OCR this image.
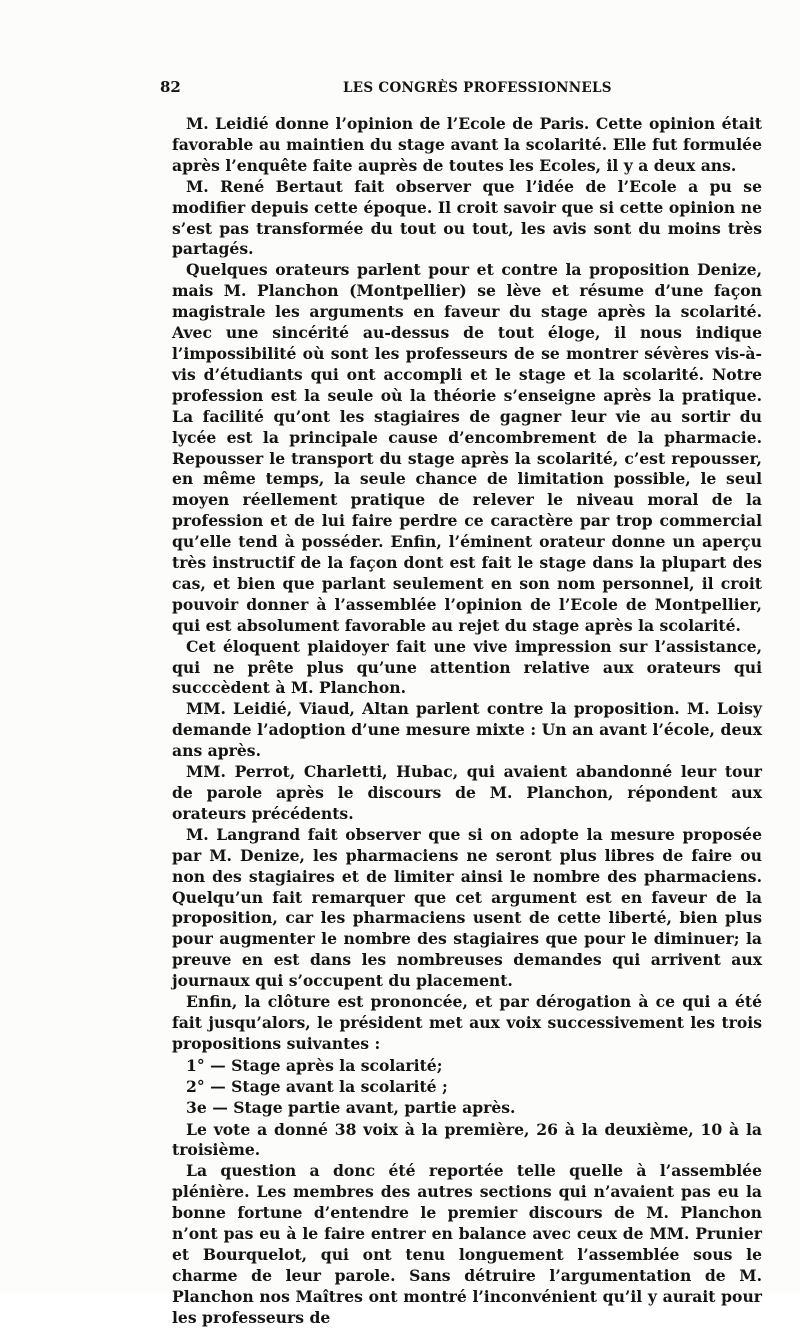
82	LES CONGRÈS PROFESSIONNELS

M. Leidié donne l’opinion de l’Ecole de Paris. Cette opinion était favorable au maintien du stage avant la scolarité. Elle fut formulée après l’enquête faite auprès de toutes les Ecoles, il y a deux ans.

M. René Bertaut fait observer que l’idée de l’Ecole a pu se modifier depuis cette époque. Il croit savoir que si cette opinion ne s’est pas transformée du tout ou tout, les avis sont du moins très partagés.

Quelques orateurs parlent pour et contre la proposition Denize, mais M. Planchon (Montpellier) se lève et résume d’une façon magistrale les arguments en faveur du stage après la scolarité. Avec une sincérité au-dessus de tout éloge, il nous indique l’impossibilité où sont les professeurs de se montrer sévères vis-à-vis d’étudiants qui ont accompli et le stage et la scolarité. Notre profession est la seule où la théorie s’enseigne après la pratique. La facilité qu’ont les stagiaires de gagner leur vie au sortir du lycée est la principale cause d’encombrement de la pharmacie. Repousser le transport du stage après la scolarité, c’est repousser, en même temps, la seule chance de limitation possible, le seul moyen réellement pratique de relever le niveau moral de la profession et de lui faire perdre ce caractère par trop commercial qu’elle tend à posséder. Enfin, l’éminent orateur donne un aperçu très instructif de la façon dont est fait le stage dans la plupart des cas, et bien que parlant seulement en son nom personnel, il croit pouvoir donner à l’assemblée l’opinion de l’Ecole de Montpellier, qui est absolument favorable au rejet du stage après la scolarité.

Cet éloquent plaidoyer fait une vive impression sur l’assistance, qui ne prête plus qu’une attention relative aux orateurs qui succcèdent à M. Planchon.

MM. Leidié, Viaud, Altan parlent contre la proposition. M. Loisy demande l’adoption d’une mesure mixte : Un an avant l’école, deux ans après.

MM. Perrot, Charletti, Hubac, qui avaient abandonné leur tour de parole après le discours de M. Planchon, répondent aux orateurs précédents.

M. Langrand fait observer que si on adopte la mesure proposée par M. Denize, les pharmaciens ne seront plus libres de faire ou non des stagiaires et de limiter ainsi le nombre des pharmaciens. Quelqu’un fait remarquer que cet argument est en faveur de la proposition, car les pharmaciens usent de cette liberté, bien plus pour augmenter le nombre des stagiaires que pour le diminuer; la preuve en est dans les nombreuses demandes qui arrivent aux journaux qui s’occupent du placement.

Enfin, la clôture est prononcée, et par dérogation à ce qui a été fait jusqu’alors, le président met aux voix successivement les trois propositions suivantes :

1° — Stage après la scolarité;
2° — Stage avant la scolarité ;
3e — Stage partie avant, partie après.

Le vote a donné 38 voix à la première, 26 à la deuxième, 10 à la troisième.

La question a donc été reportée telle quelle à l’assemblée plénière. Les membres des autres sections qui n’avaient pas eu la bonne fortune d’entendre le premier discours de M. Planchon n’ont pas eu à le faire entrer en balance avec ceux de MM. Prunier et Bourquelot, qui ont tenu longuement l’assemblée sous le charme de leur parole. Sans détruire l’argumentation de M. Planchon nos Maîtres ont montré l’inconvénient qu’il y aurait pour les professeurs de
